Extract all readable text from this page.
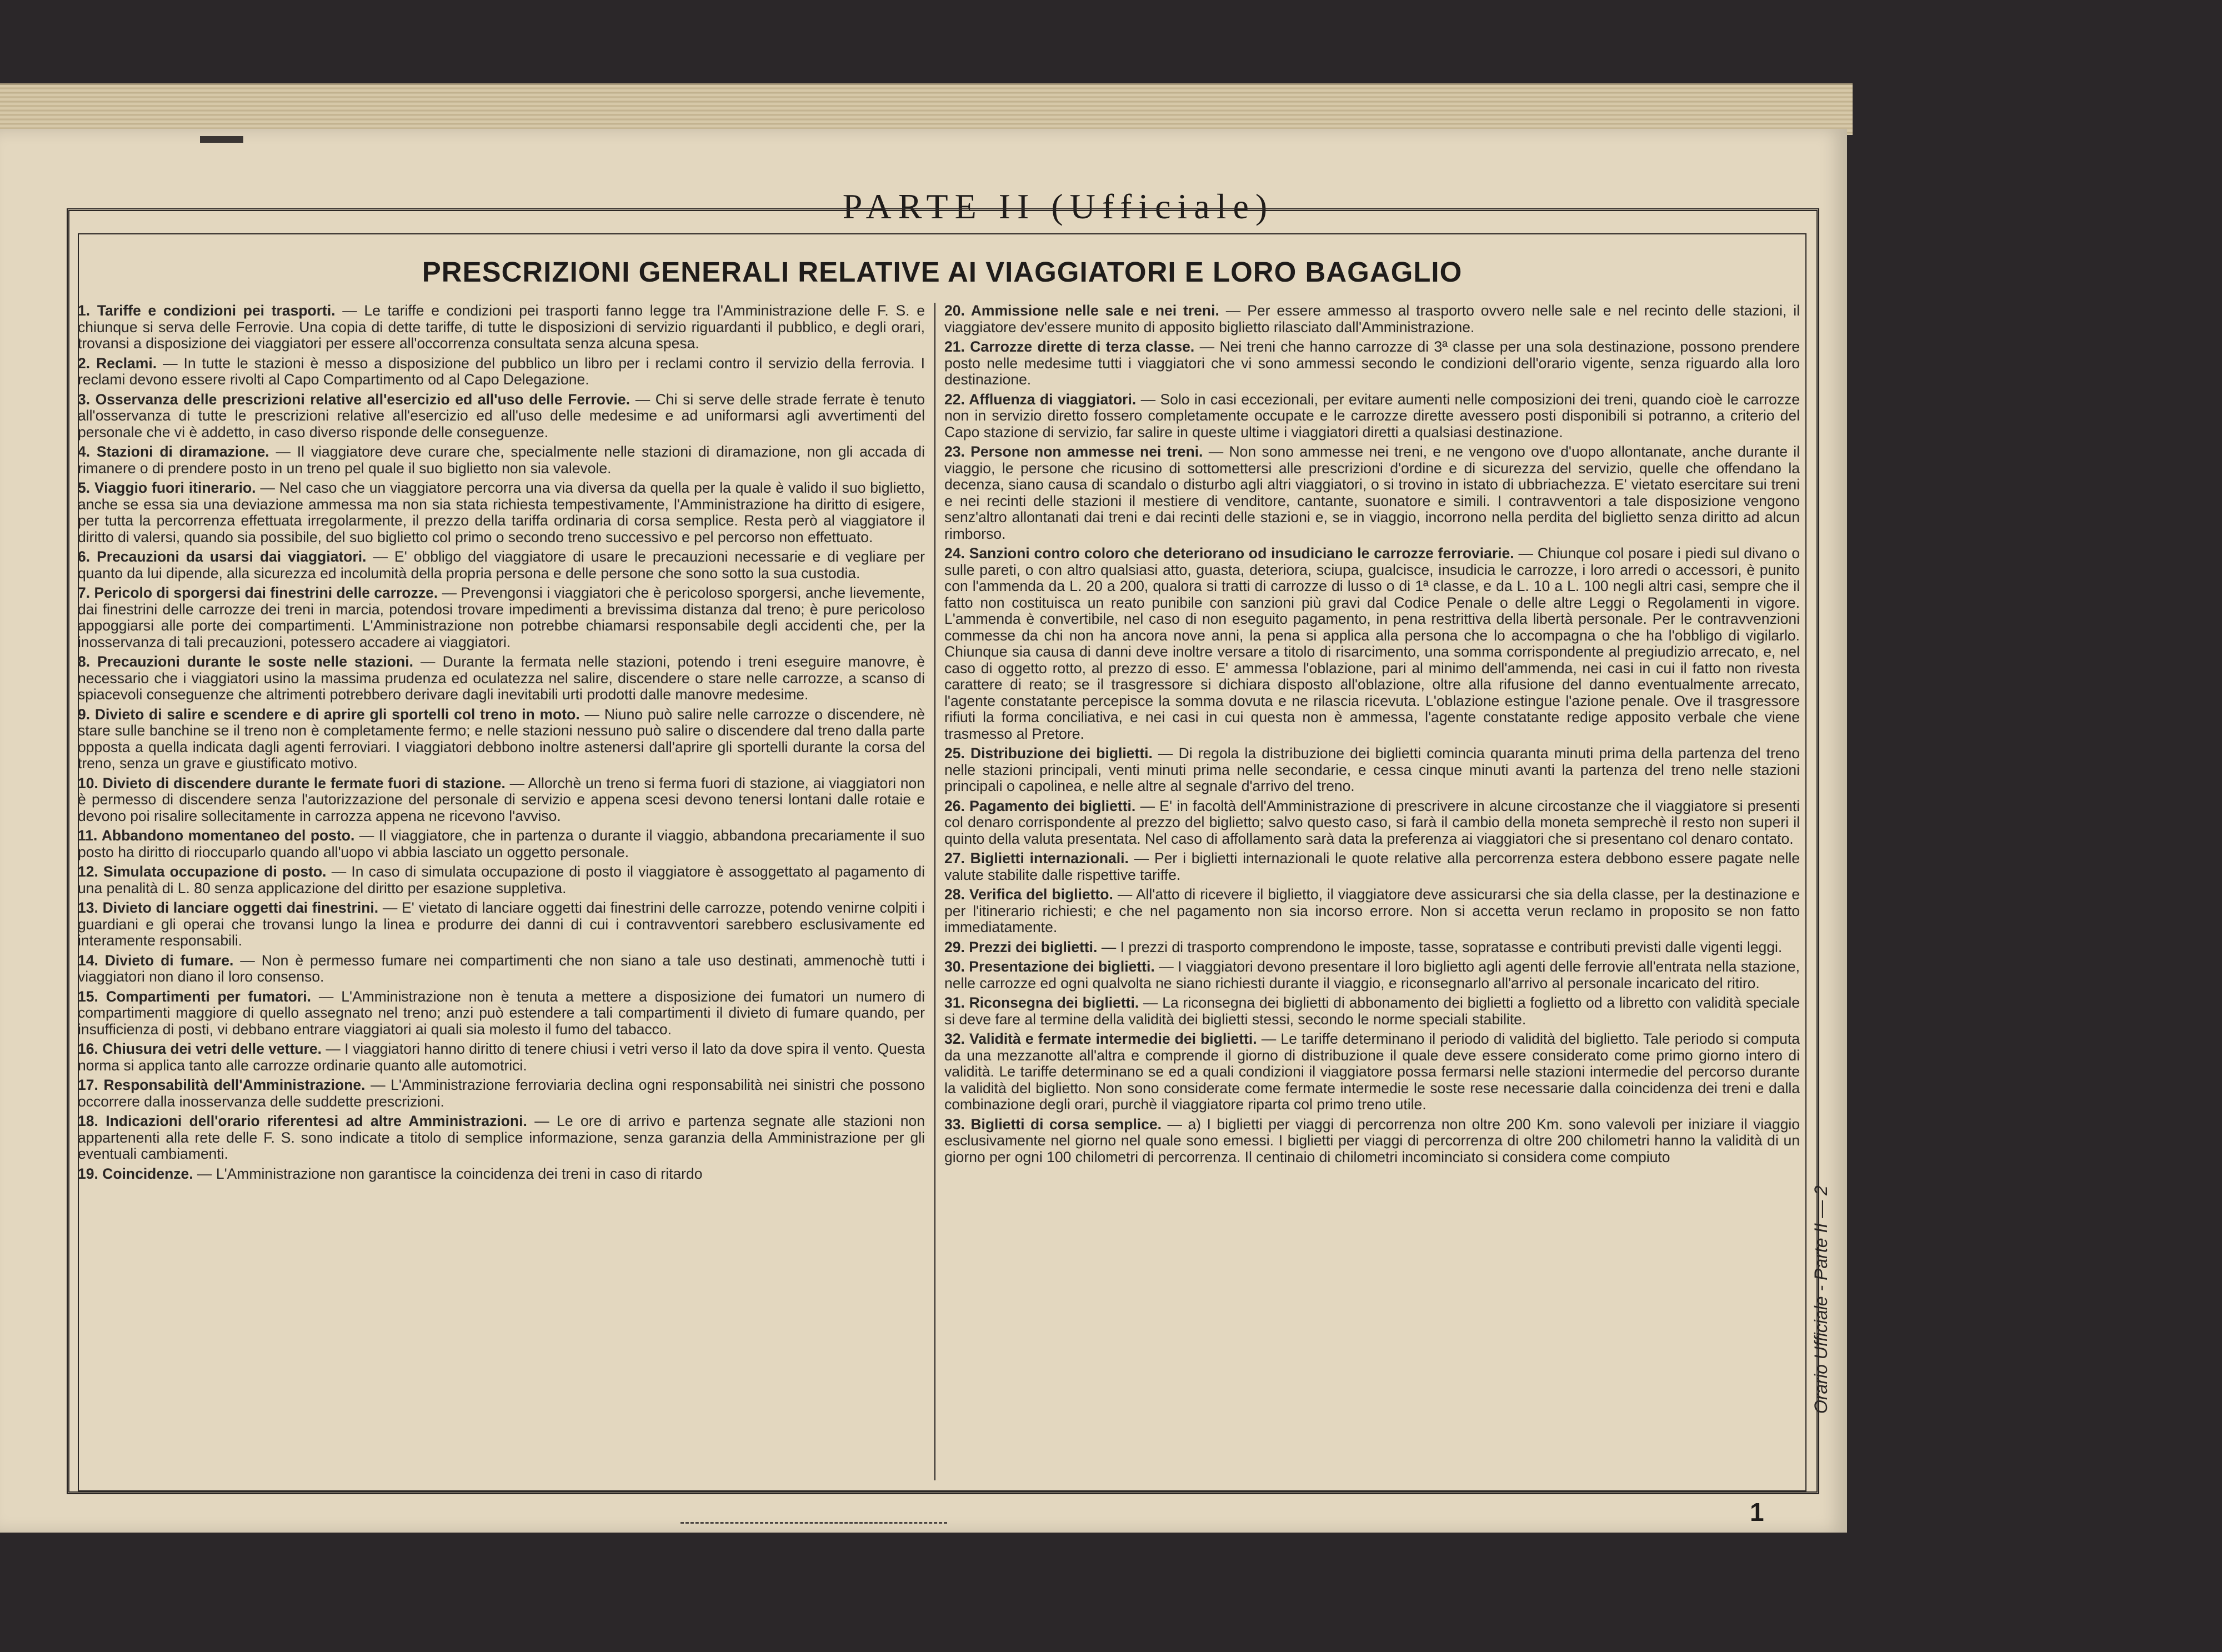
PARTE II (Ufficiale)
PRESCRIZIONI GENERALI RELATIVE AI VIAGGIATORI E LORO BAGAGLIO
1. Tariffe e condizioni pei trasporti. — Le tariffe e condizioni pei trasporti fanno legge tra l'Amministrazione delle F. S. e chiunque si serva delle Ferrovie. Una copia di dette tariffe, di tutte le disposizioni di servizio riguardanti il pubblico, e degli orari, trovansi a disposizione dei viaggiatori per essere all'occorrenza consultata senza alcuna spesa.
2. Reclami. — In tutte le stazioni è messo a disposizione del pubblico un libro per i reclami contro il servizio della ferrovia. I reclami devono essere rivolti al Capo Compartimento od al Capo Delegazione.
3. Osservanza delle prescrizioni relative all'esercizio ed all'uso delle Ferrovie. — Chi si serve delle strade ferrate è tenuto all'osservanza di tutte le prescrizioni relative all'esercizio ed all'uso delle medesime e ad uniformarsi agli avvertimenti del personale che vi è addetto, in caso diverso risponde delle conseguenze.
4. Stazioni di diramazione. — Il viaggiatore deve curare che, specialmente nelle stazioni di diramazione, non gli accada di rimanere o di prendere posto in un treno pel quale il suo biglietto non sia valevole.
5. Viaggio fuori itinerario. — Nel caso che un viaggiatore percorra una via diversa da quella per la quale è valido il suo biglietto, anche se essa sia una deviazione ammessa ma non sia stata richiesta tempestivamente, l'Amministrazione ha diritto di esigere, per tutta la percorrenza effettuata irregolarmente, il prezzo della tariffa ordinaria di corsa semplice. Resta però al viaggiatore il diritto di valersi, quando sia possibile, del suo biglietto col primo o secondo treno successivo e pel percorso non effettuato.
6. Precauzioni da usarsi dai viaggiatori. — E' obbligo del viaggiatore di usare le precauzioni necessarie e di vegliare per quanto da lui dipende, alla sicurezza ed incolumità della propria persona e delle persone che sono sotto la sua custodia.
7. Pericolo di sporgersi dai finestrini delle carrozze. — Prevengonsi i viaggiatori che è pericoloso sporgersi, anche lievemente, dai finestrini delle carrozze dei treni in marcia, potendosi trovare impedimenti a brevissima distanza dal treno; è pure pericoloso appoggiarsi alle porte dei compartimenti. L'Amministrazione non potrebbe chiamarsi responsabile degli accidenti che, per la inosservanza di tali precauzioni, potessero accadere ai viaggiatori.
8. Precauzioni durante le soste nelle stazioni. — Durante la fermata nelle stazioni, potendo i treni eseguire manovre, è necessario che i viaggiatori usino la massima prudenza ed oculatezza nel salire, discendere o stare nelle carrozze, a scanso di spiacevoli conseguenze che altrimenti potrebbero derivare dagli inevitabili urti prodotti dalle manovre medesime.
9. Divieto di salire e scendere e di aprire gli sportelli col treno in moto. — Niuno può salire nelle carrozze o discendere, nè stare sulle banchine se il treno non è completamente fermo; e nelle stazioni nessuno può salire o discendere dal treno dalla parte opposta a quella indicata dagli agenti ferroviari. I viaggiatori debbono inoltre astenersi dall'aprire gli sportelli durante la corsa del treno, senza un grave e giustificato motivo.
10. Divieto di discendere durante le fermate fuori di stazione. — Allorchè un treno si ferma fuori di stazione, ai viaggiatori non è permesso di discendere senza l'autorizzazione del personale di servizio e appena scesi devono tenersi lontani dalle rotaie e devono poi risalire sollecitamente in carrozza appena ne ricevono l'avviso.
11. Abbandono momentaneo del posto. — Il viaggiatore, che in partenza o durante il viaggio, abbandona precariamente il suo posto ha diritto di rioccuparlo quando all'uopo vi abbia lasciato un oggetto personale.
12. Simulata occupazione di posto. — In caso di simulata occupazione di posto il viaggiatore è assoggettato al pagamento di una penalità di L. 80 senza applicazione del diritto per esazione suppletiva.
13. Divieto di lanciare oggetti dai finestrini. — E' vietato di lanciare oggetti dai finestrini delle carrozze, potendo venirne colpiti i guardiani e gli operai che trovansi lungo la linea e produrre dei danni di cui i contravventori sarebbero esclusivamente ed interamente responsabili.
14. Divieto di fumare. — Non è permesso fumare nei compartimenti che non siano a tale uso destinati, ammenochè tutti i viaggiatori non diano il loro consenso.
15. Compartimenti per fumatori. — L'Amministrazione non è tenuta a mettere a disposizione dei fumatori un numero di compartimenti maggiore di quello assegnato nel treno; anzi può estendere a tali compartimenti il divieto di fumare quando, per insufficienza di posti, vi debbano entrare viaggiatori ai quali sia molesto il fumo del tabacco.
16. Chiusura dei vetri delle vetture. — I viaggiatori hanno diritto di tenere chiusi i vetri verso il lato da dove spira il vento. Questa norma si applica tanto alle carrozze ordinarie quanto alle automotrici.
17. Responsabilità dell'Amministrazione. — L'Amministrazione ferroviaria declina ogni responsabilità nei sinistri che possono occorrere dalla inosservanza delle suddette prescrizioni.
18. Indicazioni dell'orario riferentesi ad altre Amministrazioni. — Le ore di arrivo e partenza segnate alle stazioni non appartenenti alla rete delle F. S. sono indicate a titolo di semplice informazione, senza garanzia della Amministrazione per gli eventuali cambiamenti.
19. Coincidenze. — L'Amministrazione non garantisce la coincidenza dei treni in caso di ritardo
20. Ammissione nelle sale e nei treni. — Per essere ammesso al trasporto ovvero nelle sale e nel recinto delle stazioni, il viaggiatore dev'essere munito di apposito biglietto rilasciato dall'Amministrazione.
21. Carrozze dirette di terza classe. — Nei treni che hanno carrozze di 3ª classe per una sola destinazione, possono prendere posto nelle medesime tutti i viaggiatori che vi sono ammessi secondo le condizioni dell'orario vigente, senza riguardo alla loro destinazione.
22. Affluenza di viaggiatori. — Solo in casi eccezionali, per evitare aumenti nelle composizioni dei treni, quando cioè le carrozze non in servizio diretto fossero completamente occupate e le carrozze dirette avessero posti disponibili si potranno, a criterio del Capo stazione di servizio, far salire in queste ultime i viaggiatori diretti a qualsiasi destinazione.
23. Persone non ammesse nei treni. — Non sono ammesse nei treni, e ne vengono ove d'uopo allontanate, anche durante il viaggio, le persone che ricusino di sottomettersi alle prescrizioni d'ordine e di sicurezza del servizio, quelle che offendano la decenza, siano causa di scandalo o disturbo agli altri viaggiatori, o si trovino in istato di ubbriachezza. E' vietato esercitare sui treni e nei recinti delle stazioni il mestiere di venditore, cantante, suonatore e simili. I contravventori a tale disposizione vengono senz'altro allontanati dai treni e dai recinti delle stazioni e, se in viaggio, incorrono nella perdita del biglietto senza diritto ad alcun rimborso.
24. Sanzioni contro coloro che deteriorano od insudiciano le carrozze ferroviarie. — Chiunque col posare i piedi sul divano o sulle pareti, o con altro qualsiasi atto, guasta, deteriora, sciupa, gualcisce, insudicia le carrozze, i loro arredi o accessori, è punito con l'ammenda da L. 20 a 200, qualora si tratti di carrozze di lusso o di 1ª classe, e da L. 10 a L. 100 negli altri casi, sempre che il fatto non costituisca un reato punibile con sanzioni più gravi dal Codice Penale o delle altre Leggi o Regolamenti in vigore. L'ammenda è convertibile, nel caso di non eseguito pagamento, in pena restrittiva della libertà personale. Per le contravvenzioni commesse da chi non ha ancora nove anni, la pena si applica alla persona che lo accompagna o che ha l'obbligo di vigilarlo. Chiunque sia causa di danni deve inoltre versare a titolo di risarcimento, una somma corrispondente al pregiudizio arrecato, e, nel caso di oggetto rotto, al prezzo di esso. E' ammessa l'oblazione, pari al minimo dell'ammenda, nei casi in cui il fatto non rivesta carattere di reato; se il trasgressore si dichiara disposto all'oblazione, oltre alla rifusione del danno eventualmente arrecato, l'agente constatante percepisce la somma dovuta e ne rilascia ricevuta. L'oblazione estingue l'azione penale. Ove il trasgressore rifiuti la forma conciliativa, e nei casi in cui questa non è ammessa, l'agente constatante redige apposito verbale che viene trasmesso al Pretore.
25. Distribuzione dei biglietti. — Di regola la distribuzione dei biglietti comincia quaranta minuti prima della partenza del treno nelle stazioni principali, venti minuti prima nelle secondarie, e cessa cinque minuti avanti la partenza del treno nelle stazioni principali o capolinea, e nelle altre al segnale d'arrivo del treno.
26. Pagamento dei biglietti. — E' in facoltà dell'Amministrazione di prescrivere in alcune circostanze che il viaggiatore si presenti col denaro corrispondente al prezzo del biglietto; salvo questo caso, si farà il cambio della moneta semprechè il resto non superi il quinto della valuta presentata. Nel caso di affollamento sarà data la preferenza ai viaggiatori che si presentano col denaro contato.
27. Biglietti internazionali. — Per i biglietti internazionali le quote relative alla percorrenza estera debbono essere pagate nelle valute stabilite dalle rispettive tariffe.
28. Verifica del biglietto. — All'atto di ricevere il biglietto, il viaggiatore deve assicurarsi che sia della classe, per la destinazione e per l'itinerario richiesti; e che nel pagamento non sia incorso errore. Non si accetta verun reclamo in proposito se non fatto immediatamente.
29. Prezzi dei biglietti. — I prezzi di trasporto comprendono le imposte, tasse, sopratasse e contributi previsti dalle vigenti leggi.
30. Presentazione dei biglietti. — I viaggiatori devono presentare il loro biglietto agli agenti delle ferrovie all'entrata nella stazione, nelle carrozze ed ogni qualvolta ne siano richiesti durante il viaggio, e riconsegnarlo all'arrivo al personale incaricato del ritiro.
31. Riconsegna dei biglietti. — La riconsegna dei biglietti di abbonamento dei biglietti a foglietto od a libretto con validità speciale si deve fare al termine della validità dei biglietti stessi, secondo le norme speciali stabilite.
32. Validità e fermate intermedie dei biglietti. — Le tariffe determinano il periodo di validità del biglietto. Tale periodo si computa da una mezzanotte all'altra e comprende il giorno di distribuzione il quale deve essere considerato come primo giorno intero di validità. Le tariffe determinano se ed a quali condizioni il viaggiatore possa fermarsi nelle stazioni intermedie del percorso durante la validità del biglietto. Non sono considerate come fermate intermedie le soste rese necessarie dalla coincidenza dei treni e dalla combinazione degli orari, purchè il viaggiatore riparta col primo treno utile.
33. Biglietti di corsa semplice. — a) I biglietti per viaggi di percorrenza non oltre 200 Km. sono valevoli per iniziare il viaggio esclusivamente nel giorno nel quale sono emessi. I biglietti per viaggi di percorrenza di oltre 200 chilometri hanno la validità di un giorno per ogni 100 chilometri di percorrenza. Il centinaio di chilometri incominciato si considera come compiuto
Orario Ufficiale - Parte II — 2
1
